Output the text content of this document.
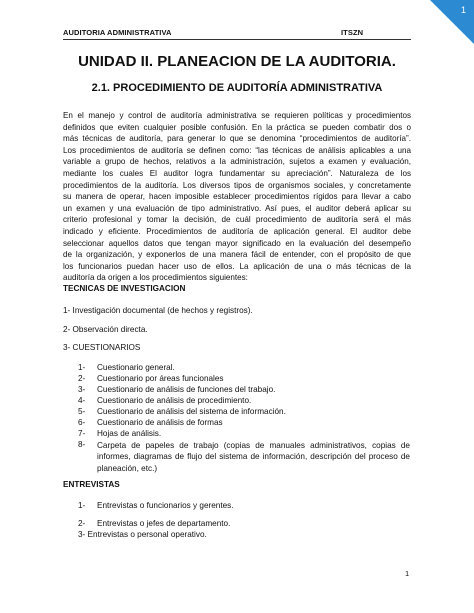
AUDITORIA ADMINISTRATIVA	ITSZN
1
UNIDAD II. PLANEACION DE LA AUDITORIA.
2.1. PROCEDIMIENTO DE AUDITORÍA ADMINISTRATIVA
En el manejo y control de auditoría administrativa se requieren políticas y procedimientos
definidos que eviten cualquier posible confusión. En la práctica se pueden combatir dos o
más técnicas de auditoría, para generar lo que se denomina “procedimientos de auditoría”.
Los procedimientos de auditoría se definen como: “las técnicas de análisis aplicables a una
variable a grupo de hechos, relativos a la administración, sujetos a examen y evaluación,
mediante los cuales El auditor logra fundamentar su apreciación”. Naturaleza de los
procedimientos de la auditoría. Los diversos tipos de organismos sociales, y concretamente
su manera de operar, hacen imposible establecer procedimientos rígidos para llevar a cabo
un examen y una evaluación de tipo administrativo. Así pues, el auditor deberá aplicar su
criterio profesional y tomar la decisión, de cuál procedimiento de auditoría será el más
indicado y eficiente. Procedimientos de auditoría de aplicación general. El auditor debe
seleccionar aquellos datos que tengan mayor significado en la evaluación del desempeño
de la organización, y exponerlos de una manera fácil de entender, con el propósito de que
los funcionarios puedan hacer uso de ellos. La aplicación de una o más técnicas de la
auditoría da origen a los procedimientos siguientes:
TECNICAS DE INVESTIGACION
1- Investigación documental (de hechos y registros).
2- Observación directa.
3- CUESTIONARIOS
1- Cuestionario general.
2- Cuestionario por áreas funcionales
3- Cuestionario de análisis de funciones del trabajo.
4- Cuestionario de análisis de procedimiento.
5- Cuestionario de análisis del sistema de información.
6- Cuestionario de análisis de formas
7- Hojas de análisis.
8- Carpeta de papeles de trabajo (copias de manuales administrativos, copias de
informes, diagramas de flujo del sistema de información, descripción del proceso de
planeación, etc.)
ENTREVISTAS
1- Entrevistas o funcionarios y gerentes.
2- Entrevistas o jefes de departamento.
3- Entrevistas o personal operativo.
1
